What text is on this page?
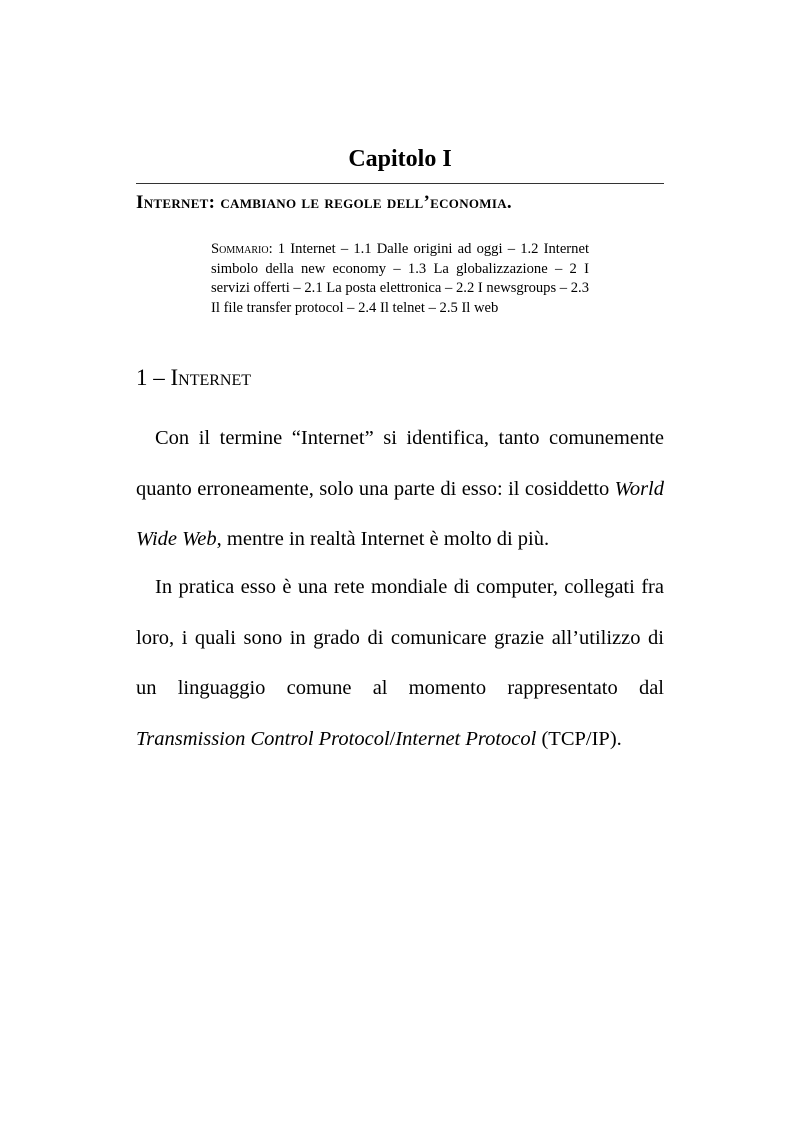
Capitolo I
Internet: cambiano le regole dell’economia.

Sommario: 1 Internet – 1.1 Dalle origini ad oggi – 1.2 Internet simbolo della new economy – 1.3 La globalizzazione – 2 I servizi offerti – 2.1 La posta elettronica – 2.2 I newsgroups – 2.3 Il file transfer protocol – 2.4 Il telnet – 2.5 Il web

1 – Internet

Con il termine “Internet” si identifica, tanto comunemente quanto erroneamente, solo una parte di esso: il cosiddetto World Wide Web, mentre in realtà Internet è molto di più.

In pratica esso è una rete mondiale di computer, collegati fra loro, i quali sono in grado di comunicare grazie all’utilizzo di un linguaggio comune al momento rappresentato dal Transmission Control Protocol/Internet Protocol (TCP/IP).
